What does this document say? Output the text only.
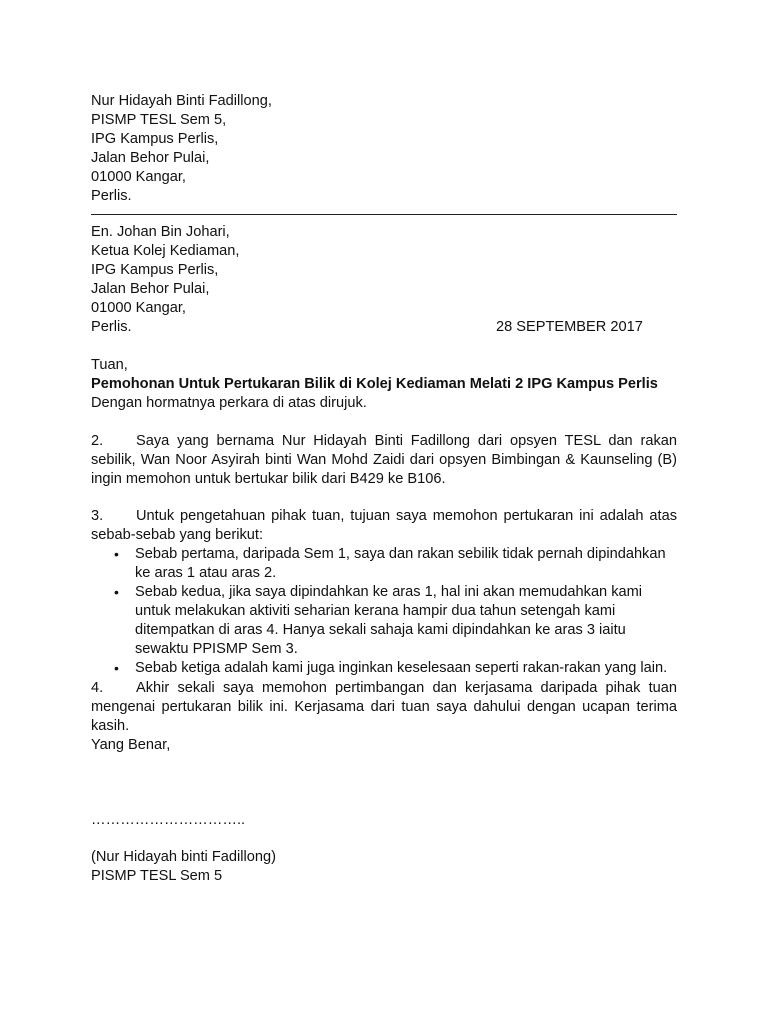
Nur Hidayah Binti Fadillong,
PISMP TESL Sem 5,
IPG Kampus Perlis,
Jalan Behor Pulai,
01000 Kangar,
Perlis.
En. Johan Bin Johari,
Ketua Kolej Kediaman,
IPG Kampus Perlis,
Jalan Behor Pulai,
01000 Kangar,
Perlis.	28 SEPTEMBER 2017
Tuan,
Pemohonan Untuk Pertukaran Bilik di Kolej Kediaman Melati 2 IPG Kampus Perlis
Dengan hormatnya perkara di atas dirujuk.

2. Saya yang bernama Nur Hidayah Binti Fadillong dari opsyen TESL dan rakan sebilik, Wan Noor Asyirah binti Wan Mohd Zaidi dari opsyen Bimbingan & Kaunseling (B) ingin memohon untuk bertukar bilik dari B429 ke B106.

3. Untuk pengetahuan pihak tuan, tujuan saya memohon pertukaran ini adalah atas sebab-sebab yang berikut:

• Sebab pertama, daripada Sem 1, saya dan rakan sebilik tidak pernah dipindahkan ke aras 1 atau aras 2.
• Sebab kedua, jika saya dipindahkan ke aras 1, hal ini akan memudahkan kami untuk melakukan aktiviti seharian kerana hampir dua tahun setengah kami ditempatkan di aras 4. Hanya sekali sahaja kami dipindahkan ke aras 3 iaitu sewaktu PPISMP Sem 3.
• Sebab ketiga adalah kami juga inginkan keselesaan seperti rakan-rakan yang lain.

4. Akhir sekali saya memohon pertimbangan dan kerjasama daripada pihak tuan mengenai pertukaran bilik ini. Kerjasama dari tuan saya dahului dengan ucapan terima kasih.

Yang Benar,
…………………………..
(Nur Hidayah binti Fadillong)
PISMP TESL Sem 5
